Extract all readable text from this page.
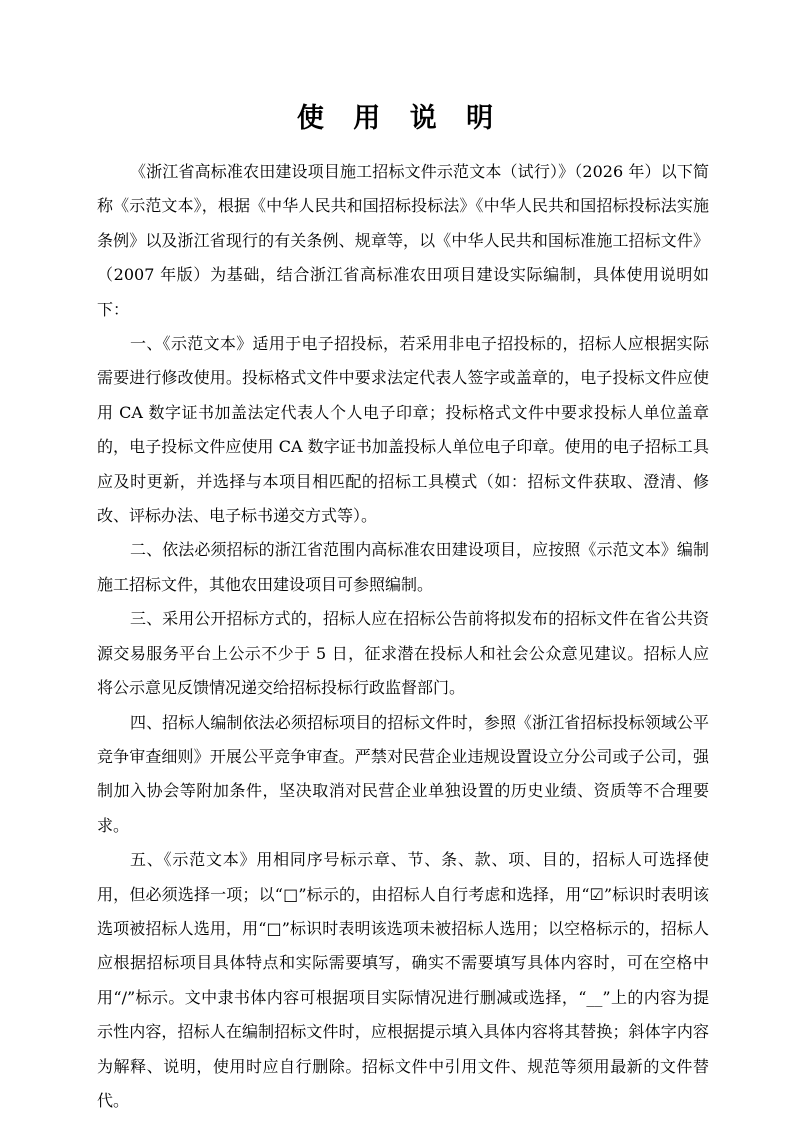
使 用 说 明

《浙江省高标准农田建设项目施工招标文件示范文本（试行）》（2026 年）以下简称《示范文本》，根据《中华人民共和国招标投标法》《中华人民共和国招标投标法实施条例》以及浙江省现行的有关条例、规章等，以《中华人民共和国标准施工招标文件》（2007 年版）为基础，结合浙江省高标准农田项目建设实际编制，具体使用说明如下：

一、《示范文本》适用于电子招投标，若采用非电子招投标的，招标人应根据实际需要进行修改使用。投标格式文件中要求法定代表人签字或盖章的，电子投标文件应使用 CA 数字证书加盖法定代表人个人电子印章；投标格式文件中要求投标人单位盖章的，电子投标文件应使用 CA 数字证书加盖投标人单位电子印章。使用的电子招标工具应及时更新，并选择与本项目相匹配的招标工具模式（如：招标文件获取、澄清、修改、评标办法、电子标书递交方式等）。

二、依法必须招标的浙江省范围内高标准农田建设项目，应按照《示范文本》编制施工招标文件，其他农田建设项目可参照编制。

三、采用公开招标方式的，招标人应在招标公告前将拟发布的招标文件在省公共资源交易服务平台上公示不少于 5 日，征求潜在投标人和社会公众意见建议。招标人应将公示意见反馈情况递交给招标投标行政监督部门。

四、招标人编制依法必须招标项目的招标文件时，参照《浙江省招标投标领域公平竞争审查细则》开展公平竞争审查。严禁对民营企业违规设置设立分公司或子公司，强制加入协会等附加条件，坚决取消对民营企业单独设置的历史业绩、资质等不合理要求。

五、《示范文本》用相同序号标示章、节、条、款、项、目的，招标人可选择使用，但必须选择一项；以“□”标示的，由招标人自行考虑和选择，用“☑”标识时表明该选项被招标人选用，用“□”标识时表明该选项未被招标人选用；以空格标示的，招标人应根据招标项目具体特点和实际需要填写，确实不需要填写具体内容时，可在空格中用“/”标示。文中隶书体内容可根据项目实际情况进行删减或选择，“__”上的内容为提示性内容，招标人在编制招标文件时，应根据提示填入具体内容将其替换；斜体字内容为解释、说明，使用时应自行删除。招标文件中引用文件、规范等须用最新的文件替代。
